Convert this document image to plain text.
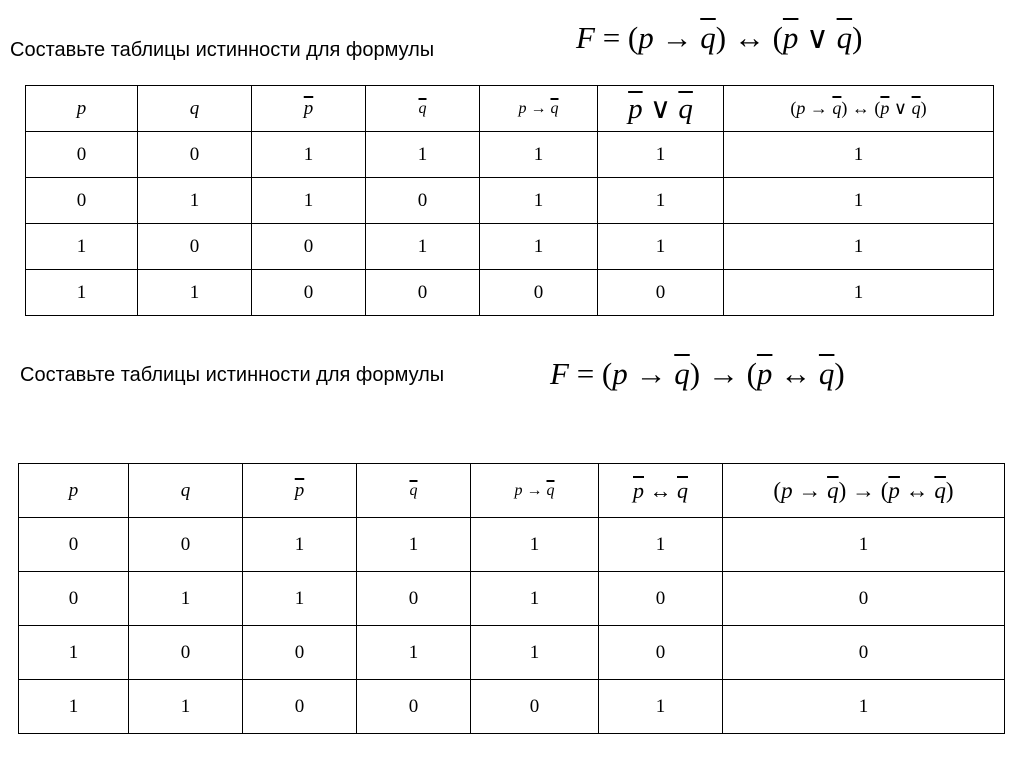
Составьте таблицы истинности для формулы	$F = (p \to \overline{q})$ ↔ ($\overline{p}$ ∨ $\overline{q}$)
p	q	$\overline{p}$	$\overline{q}$	$p \to \overline{q}$	$\overline{p}$ ∨ $\overline{q}$	$(p \to \overline{q})$ ↔ ($\overline{p}$ ∨ $\overline{q}$)
0	0	1	1	1	1	1
0	1	1	0	1	1	1
1	0	0	1	1	1	1
1	1	0	0	0	0	1
Составьте таблицы истинности для формулы	$F = (p \to \overline{q}) \to (\overline{p}$ ↔ $\overline{q}$)
p	q	$\overline{p}$	$\overline{q}$	$p \to \overline{q}$	$\overline{p}$ ↔ $\overline{q}$	$(p \to \overline{q}) \to (\overline{p}$ ↔ $\overline{q}$)
0	0	1	1	1	1	1
0	1	1	0	1	0	0
1	0	0	1	1	0	0
1	1	0	0	0	1	1
